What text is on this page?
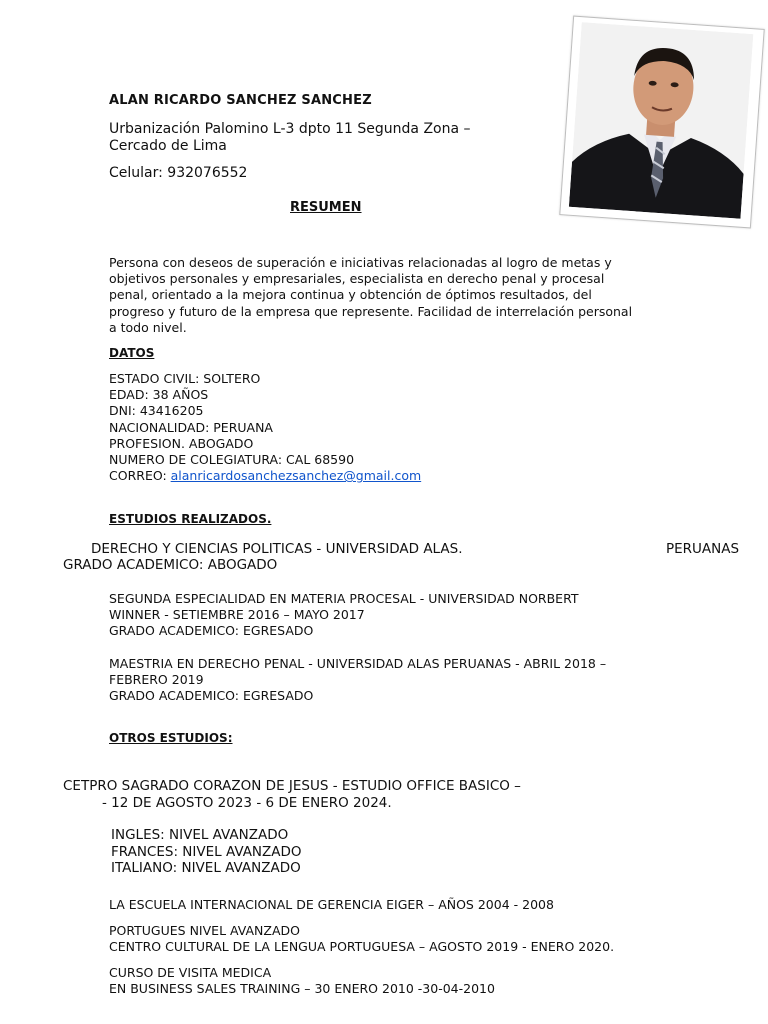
ALAN RICARDO SANCHEZ SANCHEZ
Urbanización Palomino L-3 dpto 11 Segunda Zona –
Cercado de Lima
Celular: 932076552
RESUMEN
Persona con deseos de superación e iniciativas relacionadas al logro de metas y
objetivos personales y empresariales, especialista en derecho penal y procesal
penal, orientado a la mejora continua y obtención de óptimos resultados, del
progreso y futuro de la empresa que represente. Facilidad de interrelación personal
a todo nivel.
DATOS
ESTADO CIVIL: SOLTERO
EDAD: 38 AÑOS
DNI: 43416205
NACIONALIDAD: PERUANA
PROFESION. ABOGADO
NUMERO DE COLEGIATURA: CAL 68590
CORREO: alanricardosanchezsanchez@gmail.com
ESTUDIOS REALIZADOS.
DERECHO Y CIENCIAS POLITICAS - UNIVERSIDAD ALAS.	PERUANAS
GRADO ACADEMICO: ABOGADO
SEGUNDA ESPECIALIDAD EN MATERIA PROCESAL - UNIVERSIDAD NORBERT
WINNER - SETIEMBRE 2016 – MAYO 2017
GRADO ACADEMICO: EGRESADO
MAESTRIA EN DERECHO PENAL - UNIVERSIDAD ALAS PERUANAS - ABRIL 2018 –
FEBRERO 2019
GRADO ACADEMICO: EGRESADO
OTROS ESTUDIOS:
CETPRO SAGRADO CORAZON DE JESUS - ESTUDIO OFFICE BASICO –
- 12 DE AGOSTO 2023 - 6 DE ENERO 2024.
INGLES: NIVEL AVANZADO
FRANCES: NIVEL AVANZADO
ITALIANO: NIVEL AVANZADO
LA ESCUELA INTERNACIONAL DE GERENCIA EIGER – AÑOS 2004 - 2008
PORTUGUES NIVEL AVANZADO
CENTRO CULTURAL DE LA LENGUA PORTUGUESA – AGOSTO 2019 - ENERO 2020.
CURSO DE VISITA MEDICA
EN BUSINESS SALES TRAINING – 30 ENERO 2010 -30-04-2010
